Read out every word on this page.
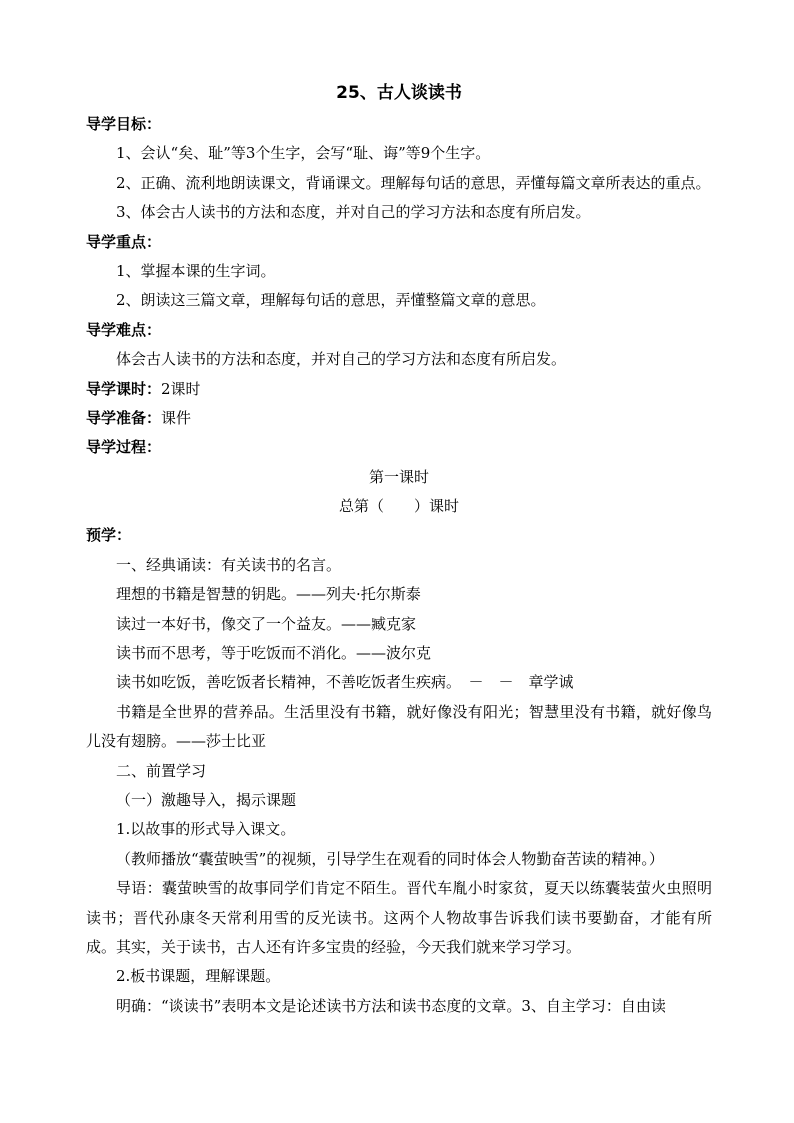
25、古人谈读书
导学目标：
1、会认“矣、耻”等3个生字，会写“耻、诲”等9个生字。
2、正确、流利地朗读课文，背诵课文。理解每句话的意思，弄懂每篇文章所表达的重点。
3、体会古人读书的方法和态度，并对自己的学习方法和态度有所启发。
导学重点：
1、掌握本课的生字词。
2、朗读这三篇文章，理解每句话的意思，弄懂整篇文章的意思。
导学难点：
体会古人读书的方法和态度，并对自己的学习方法和态度有所启发。
导学课时：2课时
导学准备：课件
导学过程：
第一课时
总第（　　）课时
预学：
一、经典诵读：有关读书的名言。
理想的书籍是智慧的钥匙。——列夫·托尔斯泰
读过一本好书，像交了一个益友。——臧克家
读书而不思考，等于吃饭而不消化。——波尔克
读书如吃饭，善吃饭者长精神，不善吃饭者生疾病。　－　－　章学诚
书籍是全世界的营养品。生活里没有书籍，就好像没有阳光；智慧里没有书籍，就好像鸟儿没有翅膀。——莎士比亚
二、前置学习
（一）激趣导入，揭示课题
1.以故事的形式导入课文。
（教师播放“囊萤映雪”的视频，引导学生在观看的同时体会人物勤奋苦读的精神。）
导语：囊萤映雪的故事同学们肯定不陌生。晋代车胤小时家贫，夏天以练囊装萤火虫照明读书；晋代孙康冬天常利用雪的反光读书。这两个人物故事告诉我们读书要勤奋，才能有所成。其实，关于读书，古人还有许多宝贵的经验，今天我们就来学习学习。
2.板书课题，理解课题。
明确：“谈读书”表明本文是论述读书方法和读书态度的文章。3、自主学习：自由读
